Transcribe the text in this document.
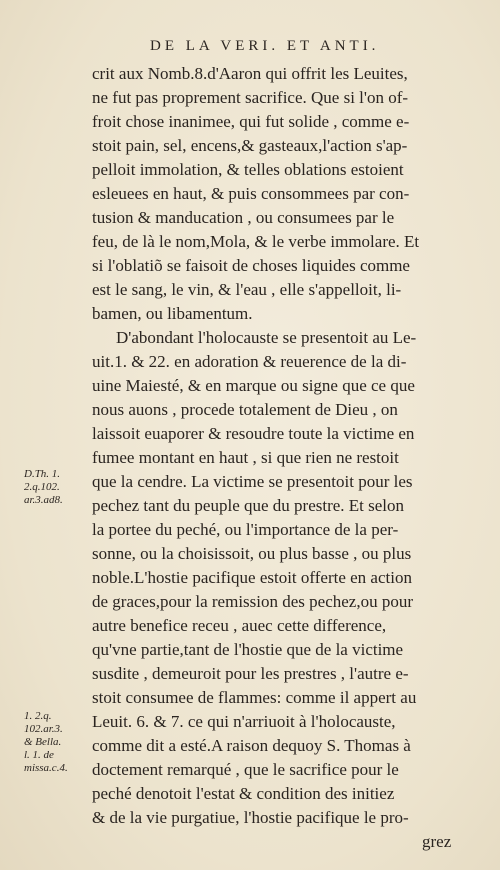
DE LA VERI. ET ANTI.
crit aux Nomb.8.d'Aaron qui offrit les Leuites,
ne fut pas proprement sacrifice. Que si l'on of-
froit chose inanimee, qui fut solide , comme e-
stoit pain, sel, encens,& gasteaux,l'action s'ap-
pelloit immolation, & telles oblations estoient
esleuees en haut, & puis consommees par con-
tusion & manducation , ou consumees par le
feu, de là le nom,Mola, & le verbe immolare. Et
si l'oblatiõ se faisoit de choses liquides comme
est le sang, le vin, & l'eau , elle s'appelloit, li-
bamen, ou libamentum.
D'abondant l'holocauste se presentoit au Le-
uit.1. & 22. en adoration & reuerence de la di-
uine Maiesté, & en marque ou signe que ce que
nous auons , procede totalement de Dieu , on
laissoit euaporer & resoudre toute la victime en
fumee montant en haut , si que rien ne restoit
que la cendre. La victime se presentoit pour les
pechez tant du peuple que du prestre. Et selon
la portee du peché, ou l'importance de la per-
sonne, ou la choisissoit, ou plus basse , ou plus
noble.L'hostie pacifique estoit offerte en action
de graces,pour la remission des pechez,ou pour
autre benefice receu , auec cette difference,
qu'vne partie,tant de l'hostie que de la victime
susdite , demeuroit pour les prestres , l'autre e-
stoit consumee de flammes: comme il appert au
Leuit. 6. & 7. ce qui n'arriuoit à l'holocauste,
comme dit a esté.A raison dequoy S. Thomas à
doctement remarqué , que le sacrifice pour le
peché denotoit l'estat & condition des initiez
& de la vie purgatiue, l'hostie pacifique le pro-
grez
D.Th. 1.
2.q.102.
ar.3.ad8.
1. 2.q.
102.ar.3.
& Bella.
l. 1. de
missa.c.4.
